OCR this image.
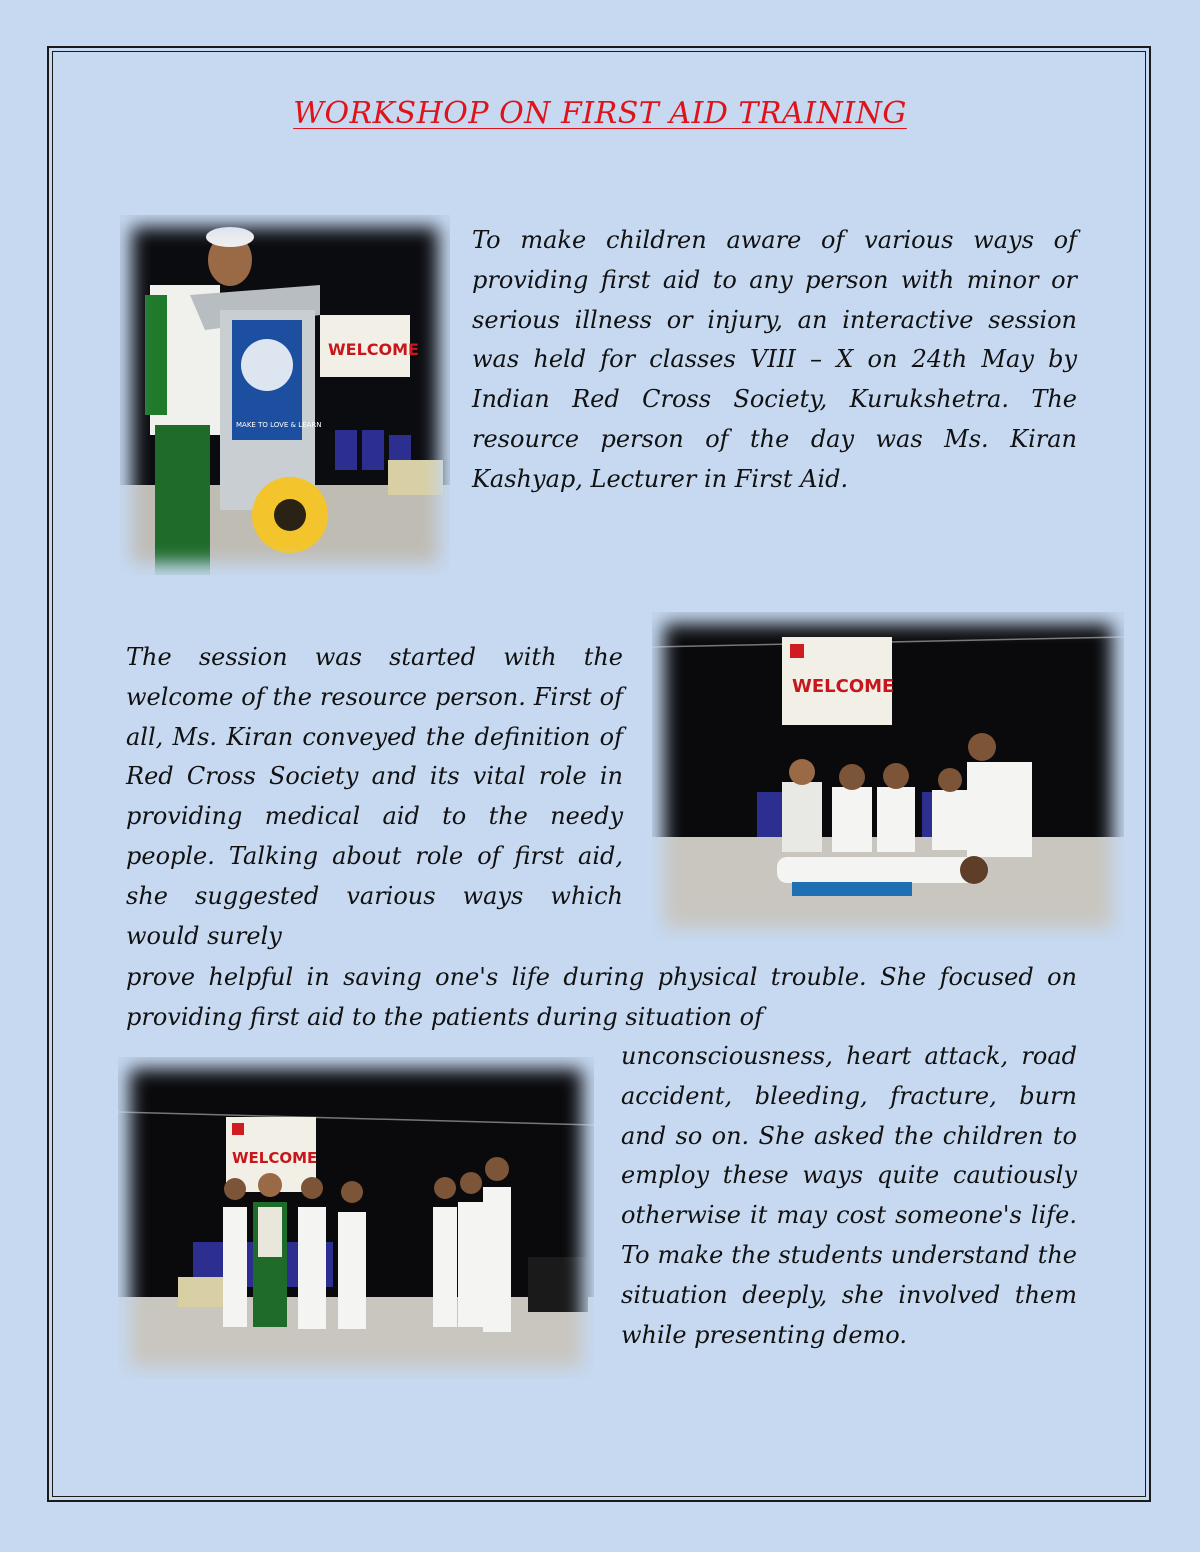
WORKSHOP ON FIRST AID TRAINING
WELCOME
MAKE TO LOVE & LEARN

To make children aware of various ways of providing first aid to any person with minor or serious illness or injury, an interactive session was held for classes VIII – X on 24th May by Indian Red Cross Society, Kurukshetra. The resource person of the day was Ms. Kiran Kashyap, Lecturer in First Aid.

WELCOME

The session was started with the welcome of the resource person. First of all, Ms. Kiran conveyed the definition of Red Cross Society and its vital role in providing medical aid to the needy people. Talking about role of first aid, she suggested various ways which would surely

prove helpful in saving one's life during physical trouble. She focused on providing first aid to the patients during situation of

WELCOME

unconsciousness, heart attack, road accident, bleeding, fracture, burn and so on. She asked the children to employ these ways quite cautiously otherwise it may cost someone's life. To make the students understand the situation deeply, she involved them while presenting demo.
